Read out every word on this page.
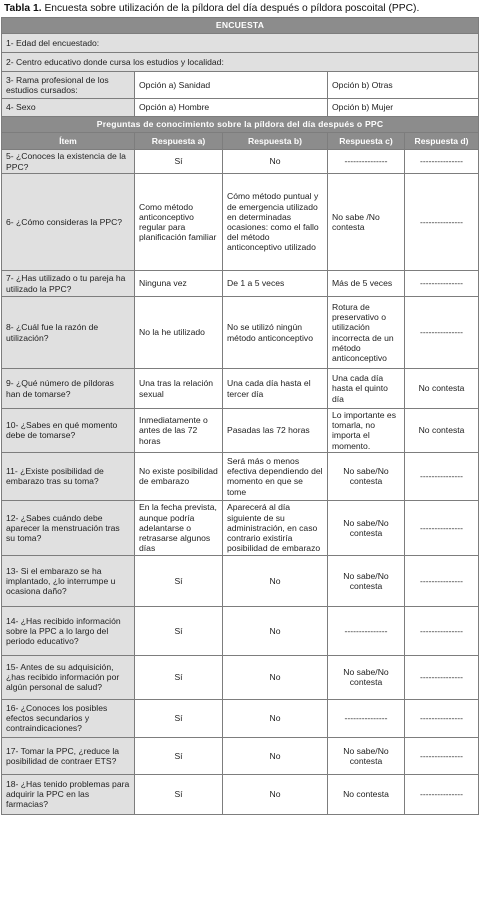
Tabla 1. Encuesta sobre utilización de la píldora del día después o píldora poscoital (PPC).
ENCUESTA				
1- Edad del encuestado:				
2- Centro educativo donde cursa los estudios y localidad:				
3- Rama profesional de los estudios cursados:	Opción a) Sanidad		Opción b) Otras	
4- Sexo	Opción a) Hombre		Opción b) Mujer	
Preguntas de conocimiento sobre la píldora del día después o PPC				
Ítem	Respuesta a)	Respuesta b)	Respuesta c)	Respuesta d)
5- ¿Conoces la existencia de la PPC?	Sí	No	---------------	---------------
6- ¿Cómo consideras la PPC?	Como método anticonceptivo regular para planificación familiar	Cómo método puntual y de emergencia utilizado en determinadas ocasiones: como el fallo del método anticonceptivo utilizado	No sabe /No contesta	---------------
7- ¿Has utilizado o tu pareja ha utilizado la PPC?	Ninguna vez	De 1 a 5 veces	Más de 5 veces	---------------
8- ¿Cuál fue la razón de utilización?	No la he utilizado	No se utilizó ningún método anticonceptivo	Rotura de preservativo o utilización incorrecta de un método anticonceptivo	---------------
9- ¿Qué número de píldoras han de tomarse?	Una tras la relación sexual	Una cada día hasta el tercer día	Una cada día hasta el quinto día	No contesta
10- ¿Sabes en qué momento debe de tomarse?	Inmediatamente o antes de las 72 horas	Pasadas las 72 horas	Lo importante es tomarla, no importa el momento.	No contesta
11- ¿Existe posibilidad de embarazo tras su toma?	No existe posibilidad de embarazo	Será más o menos efectiva dependiendo del momento en que se tome	No sabe/No contesta	---------------
12- ¿Sabes cuándo debe aparecer la menstruación tras su toma?	En la fecha prevista, aunque podría adelantarse o retrasarse algunos días	Aparecerá al día siguiente de su administración, en caso contrario existiría posibilidad de embarazo	No sabe/No contesta	---------------
13- Si el embarazo se ha implantado, ¿lo interrumpe u ocasiona daño?	Sí	No	No sabe/No contesta	---------------
14- ¿Has recibido información sobre la PPC a lo largo del periodo educativo?	Sí	No	---------------	---------------
15- Antes de su adquisición, ¿has recibido información por algún personal de salud?	Sí	No	No sabe/No contesta	---------------
16- ¿Conoces los posibles efectos secundarios y contraindicaciones?	Sí	No	---------------	---------------
17- Tomar la PPC, ¿reduce la posibilidad de contraer ETS?	Sí	No	No sabe/No contesta	---------------
18- ¿Has tenido problemas para adquirir la PPC en las farmacias?	Sí	No	No contesta	---------------
